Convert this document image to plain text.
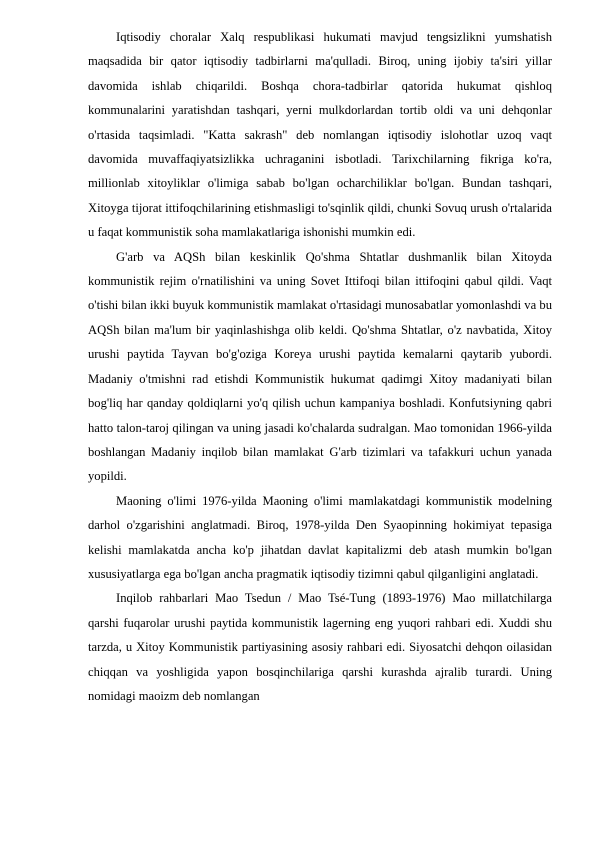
Iqtisodiy choralar Xalq respublikasi hukumati mavjud tengsizlikni yumshatish maqsadida bir qator iqtisodiy tadbirlarni ma'qulladi. Biroq, uning ijobiy ta'siri yillar davomida ishlab chiqarildi. Boshqa chora-tadbirlar qatorida hukumat qishloq kommunalarini yaratishdan tashqari, yerni mulkdorlardan tortib oldi va uni dehqonlar o'rtasida taqsimladi. "Katta sakrash" deb nomlangan iqtisodiy islohotlar uzoq vaqt davomida muvaffaqiyatsizlikka uchraganini isbotladi. Tarixchilarning fikriga ko'ra, millionlab xitoyliklar o'limiga sabab bo'lgan ocharchiliklar bo'lgan. Bundan tashqari, Xitoyga tijorat ittifoqchilarining etishmasligi to'sqinlik qildi, chunki Sovuq urush o'rtalarida u faqat kommunistik soha mamlakatlariga ishonishi mumkin edi.

G'arb va AQSh bilan keskinlik Qo'shma Shtatlar dushmanlik bilan Xitoyda kommunistik rejim o'rnatilishini va uning Sovet Ittifoqi bilan ittifoqini qabul qildi. Vaqt o'tishi bilan ikki buyuk kommunistik mamlakat o'rtasidagi munosabatlar yomonlashdi va bu AQSh bilan ma'lum bir yaqinlashishga olib keldi. Qo'shma Shtatlar, o'z navbatida, Xitoy urushi paytida Tayvan bo'g'oziga Koreya urushi paytida kemalarni qaytarib yubordi. Madaniy o'tmishni rad etishdi Kommunistik hukumat qadimgi Xitoy madaniyati bilan bog'liq har qanday qoldiqlarni yo'q qilish uchun kampaniya boshladi. Konfutsiyning qabri hatto talon-taroj qilingan va uning jasadi ko'chalarda sudralgan. Mao tomonidan 1966-yilda boshlangan Madaniy inqilob bilan mamlakat G'arb tizimlari va tafakkuri uchun yanada yopildi.

Maoning o'limi 1976-yilda Maoning o'limi mamlakatdagi kommunistik modelning darhol o'zgarishini anglatmadi. Biroq, 1978-yilda Den Syaopinning hokimiyat tepasiga kelishi mamlakatda ancha ko'p jihatdan davlat kapitalizmi deb atash mumkin bo'lgan xususiyatlarga ega bo'lgan ancha pragmatik iqtisodiy tizimni qabul qilganligini anglatadi.

Inqilob rahbarlari Mao Tsedun / Mao Tsé-Tung (1893-1976) Mao millatchilarga qarshi fuqarolar urushi paytida kommunistik lagerning eng yuqori rahbari edi. Xuddi shu tarzda, u Xitoy Kommunistik partiyasining asosiy rahbari edi. Siyosatchi dehqon oilasidan chiqqan va yoshligida yapon bosqinchilariga qarshi kurashda ajralib turardi. Uning nomidagi maoizm deb nomlangan
